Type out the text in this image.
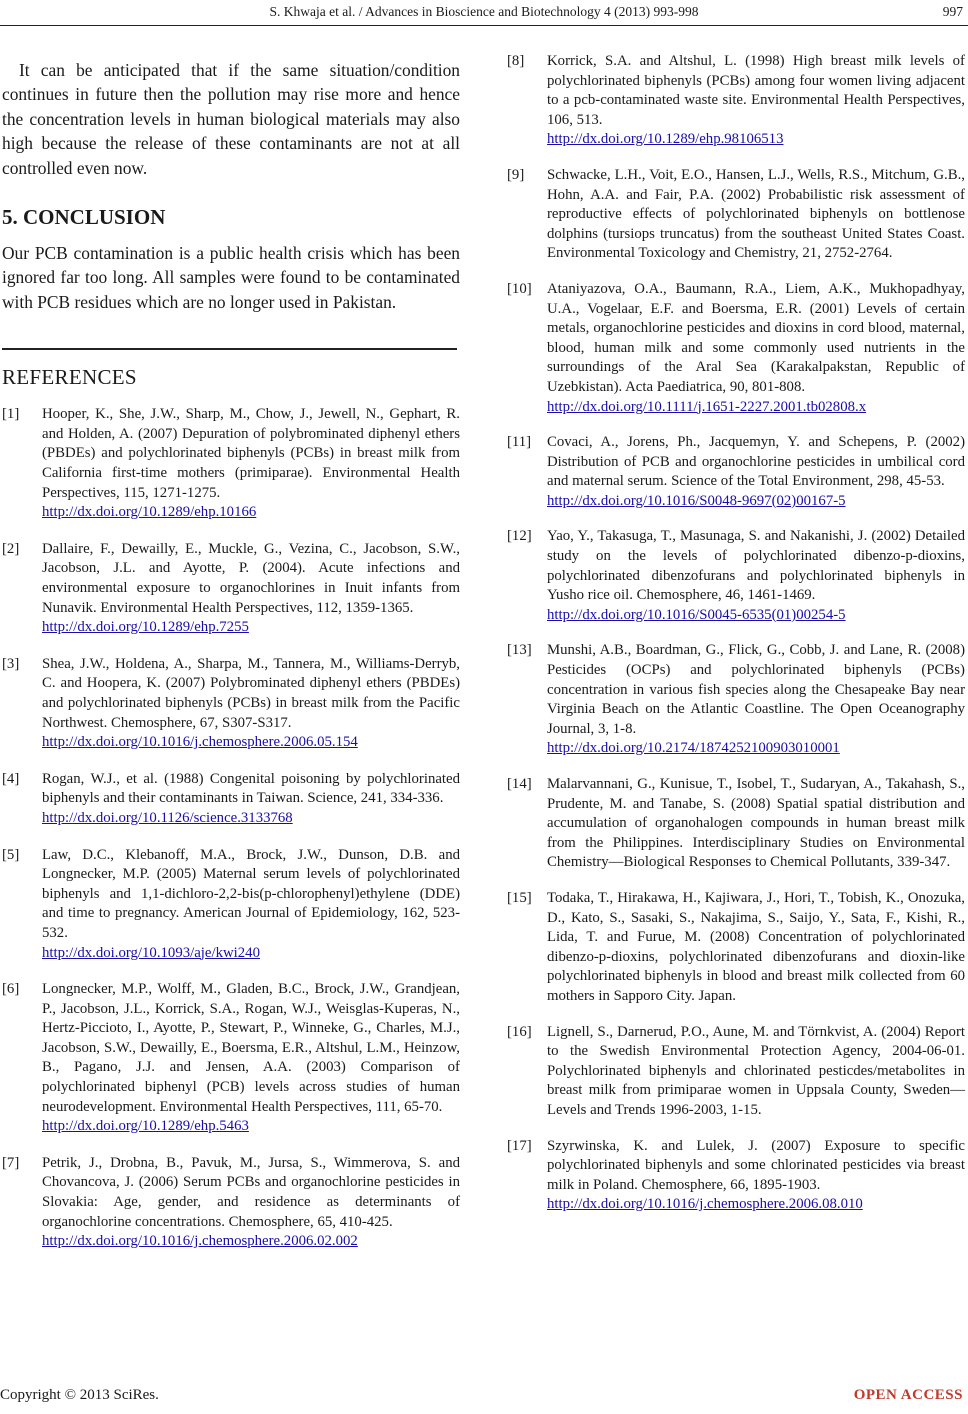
S. Khwaja et al. / Advances in Bioscience and Biotechnology 4 (2013) 993-998	997

It can be anticipated that if the same situation/condition continues in future then the pollution may rise more and hence the concentration levels in human biological materials may also high because the release of these contaminants are not at all controlled even now.

5. CONCLUSION

Our PCB contamination is a public health crisis which has been ignored far too long. All samples were found to be contaminated with PCB residues which are no longer used in Pakistan.

REFERENCES
[1] Hooper, K., She, J.W., Sharp, M., Chow, J., Jewell, N., Gephart, R. and Holden, A. (2007) Depuration of polybrominated diphenyl ethers (PBDEs) and polychlorinated biphenyls (PCBs) in breast milk from California first-time mothers (primiparae). Environmental Health Perspectives, 115, 1271-1275.
http://dx.doi.org/10.1289/ehp.10166
[2] Dallaire, F., Dewailly, E., Muckle, G., Vezina, C., Jacobson, S.W., Jacobson, J.L. and Ayotte, P. (2004). Acute infections and environmental exposure to organochlorines in Inuit infants from Nunavik. Environmental Health Perspectives, 112, 1359-1365.
http://dx.doi.org/10.1289/ehp.7255
[3] Shea, J.W., Holdena, A., Sharpa, M., Tannera, M., Williams-Derryb, C. and Hoopera, K. (2007) Polybrominated diphenyl ethers (PBDEs) and polychlorinated biphenyls (PCBs) in breast milk from the Pacific Northwest. Chemosphere, 67, S307-S317.
http://dx.doi.org/10.1016/j.chemosphere.2006.05.154
[4] Rogan, W.J., et al. (1988) Congenital poisoning by polychlorinated biphenyls and their contaminants in Taiwan. Science, 241, 334-336.
http://dx.doi.org/10.1126/science.3133768
[5] Law, D.C., Klebanoff, M.A., Brock, J.W., Dunson, D.B. and Longnecker, M.P. (2005) Maternal serum levels of polychlorinated biphenyls and 1,1-dichloro-2,2-bis(p-chlorophenyl)ethylene (DDE) and time to pregnancy. American Journal of Epidemiology, 162, 523-532.
http://dx.doi.org/10.1093/aje/kwi240
[6] Longnecker, M.P., Wolff, M., Gladen, B.C., Brock, J.W., Grandjean, P., Jacobson, J.L., Korrick, S.A., Rogan, W.J., Weisglas-Kuperas, N., Hertz-Piccioto, I., Ayotte, P., Stewart, P., Winneke, G., Charles, M.J., Jacobson, S.W., Dewailly, E., Boersma, E.R., Altshul, L.M., Heinzow, B., Pagano, J.J. and Jensen, A.A. (2003) Comparison of polychlorinated biphenyl (PCB) levels across studies of human neurodevelopment. Environmental Health Perspectives, 111, 65-70.
http://dx.doi.org/10.1289/ehp.5463
[7] Petrik, J., Drobna, B., Pavuk, M., Jursa, S., Wimmerova, S. and Chovancova, J. (2006) Serum PCBs and organochlorine pesticides in Slovakia: Age, gender, and residence as determinants of organochlorine concentrations. Chemosphere, 65, 410-425.
http://dx.doi.org/10.1016/j.chemosphere.2006.02.002
[8] Korrick, S.A. and Altshul, L. (1998) High breast milk levels of polychlorinated biphenyls (PCBs) among four women living adjacent to a pcb-contaminated waste site. Environmental Health Perspectives, 106, 513.
http://dx.doi.org/10.1289/ehp.98106513
[9] Schwacke, L.H., Voit, E.O., Hansen, L.J., Wells, R.S., Mitchum, G.B., Hohn, A.A. and Fair, P.A. (2002) Probabilistic risk assessment of reproductive effects of polychlorinated biphenyls on bottlenose dolphins (tursiops truncatus) from the southeast United States Coast. Environmental Toxicology and Chemistry, 21, 2752-2764.
[10] Ataniyazova, O.A., Baumann, R.A., Liem, A.K., Mukhopadhyay, U.A., Vogelaar, E.F. and Boersma, E.R. (2001) Levels of certain metals, organochlorine pesticides and dioxins in cord blood, maternal, blood, human milk and some commonly used nutrients in the surroundings of the Aral Sea (Karakalpakstan, Republic of Uzebkistan). Acta Paediatrica, 90, 801-808.
http://dx.doi.org/10.1111/j.1651-2227.2001.tb02808.x
[11] Covaci, A., Jorens, Ph., Jacquemyn, Y. and Schepens, P. (2002) Distribution of PCB and organochlorine pesticides in umbilical cord and maternal serum. Science of the Total Environment, 298, 45-53.
http://dx.doi.org/10.1016/S0048-9697(02)00167-5
[12] Yao, Y., Takasuga, T., Masunaga, S. and Nakanishi, J. (2002) Detailed study on the levels of polychlorinated dibenzo-p-dioxins, polychlorinated dibenzofurans and polychlorinated biphenyls in Yusho rice oil. Chemosphere, 46, 1461-1469.
http://dx.doi.org/10.1016/S0045-6535(01)00254-5
[13] Munshi, A.B., Boardman, G., Flick, G., Cobb, J. and Lane, R. (2008) Pesticides (OCPs) and polychlorinated biphenyls (PCBs) concentration in various fish species along the Chesapeake Bay near Virginia Beach on the Atlantic Coastline. The Open Oceanography Journal, 3, 1-8.
http://dx.doi.org/10.2174/1874252100903010001
[14] Malarvannani, G., Kunisue, T., Isobel, T., Sudaryan, A., Takahash, S., Prudente, M. and Tanabe, S. (2008) Spatial spatial distribution and accumulation of organohalogen compounds in human breast milk from the Philippines. Interdisciplinary Studies on Environmental Chemistry—Biological Responses to Chemical Pollutants, 339-347.
[15] Todaka, T., Hirakawa, H., Kajiwara, J., Hori, T., Tobish, K., Onozuka, D., Kato, S., Sasaki, S., Nakajima, S., Saijo, Y., Sata, F., Kishi, R., Lida, T. and Furue, M. (2008) Concentration of polychlorinated dibenzo-p-dioxins, polychlorinated dibenzofurans and dioxin-like polychlorinated biphenyls in blood and breast milk collected from 60 mothers in Sapporo City. Japan.
[16] Lignell, S., Darnerud, P.O., Aune, M. and Törnkvist, A. (2004) Report to the Swedish Environmental Protection Agency, 2004-06-01. Polychlorinated biphenyls and chlorinated pesticdes/metabolites in breast milk from primiparae women in Uppsala County, Sweden—Levels and Trends 1996-2003, 1-15.
[17] Szyrwinska, K. and Lulek, J. (2007) Exposure to specific polychlorinated biphenyls and some chlorinated pesticides via breast milk in Poland. Chemosphere, 66, 1895-1903.
http://dx.doi.org/10.1016/j.chemosphere.2006.08.010
Copyright © 2013 SciRes.	OPEN ACCESS
